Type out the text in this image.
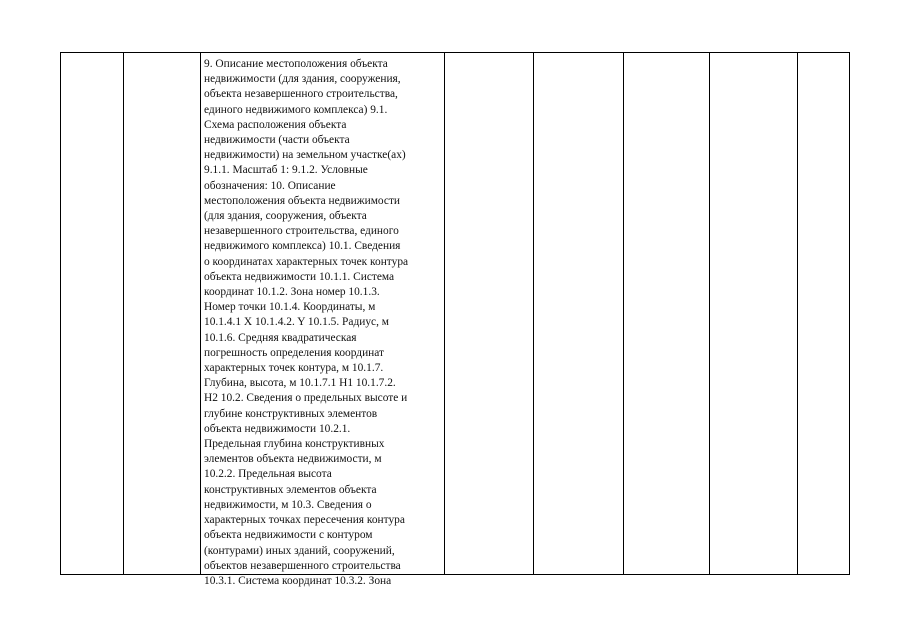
9. Описание местоположения объекта
недвижимости (для здания, сооружения,
объекта незавершенного строительства,
единого недвижимого комплекса) 9.1.
Схема расположения объекта
недвижимости (части объекта
недвижимости) на земельном участке(ах)
9.1.1. Масштаб 1: 9.1.2. Условные
обозначения: 10. Описание
местоположения объекта недвижимости
(для здания, сооружения, объекта
незавершенного строительства, единого
недвижимого комплекса) 10.1. Сведения
о координатах характерных точек контура
объекта недвижимости 10.1.1. Система
координат 10.1.2. Зона номер 10.1.3.
Номер точки 10.1.4. Координаты, м
10.1.4.1 X 10.1.4.2. Y 10.1.5. Радиус, м
10.1.6. Средняя квадратическая
погрешность определения координат
характерных точек контура, м 10.1.7.
Глубина, высота, м 10.1.7.1 H1 10.1.7.2.
H2 10.2. Сведения о предельных высоте и
глубине конструктивных элементов
объекта недвижимости 10.2.1.
Предельная глубина конструктивных
элементов объекта недвижимости, м
10.2.2. Предельная высота
конструктивных элементов объекта
недвижимости, м 10.3. Сведения о
характерных точках пересечения контура
объекта недвижимости с контуром
(контурами) иных зданий, сооружений,
объектов незавершенного строительства
10.3.1. Система координат 10.3.2. Зона
